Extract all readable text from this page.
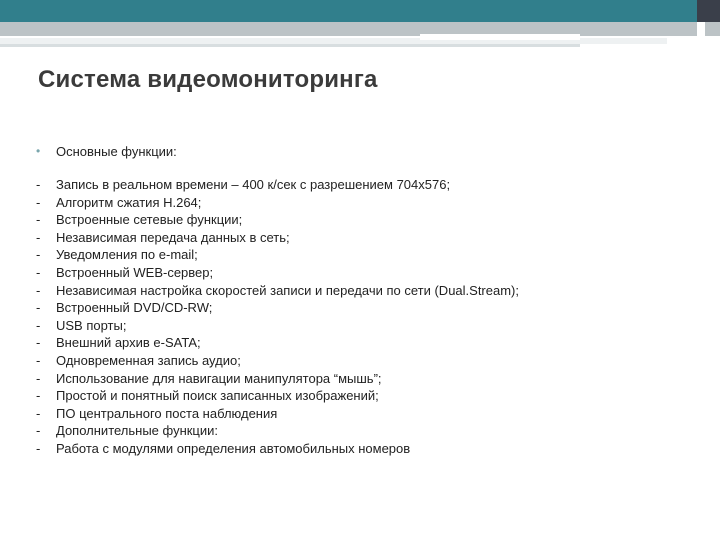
Система видеомониторинга
•	Основные функции:
-	Запись в реальном времени – 400 к/сек с разрешением 704х576;
-	Алгоритм сжатия Н.264;
-	Встроенные сетевые функции;
-	Независимая передача данных в сеть;
-	Уведомления по e-mail;
-	Встроенный WEB-сервер;
-	Независимая настройка скоростей записи и передачи по сети (Dual.Stream);
-	Встроенный DVD/CD-RW;
-	USB порты;
-	Внешний архив e-SATA;
-	Одновременная запись аудио;
-	Использование для навигации манипулятора “мышь”;
-	Простой и понятный поиск записанных изображений;
-	ПО центрального поста наблюдения
-	Дополнительные функции:
-	Работа с модулями определения автомобильных номеров
